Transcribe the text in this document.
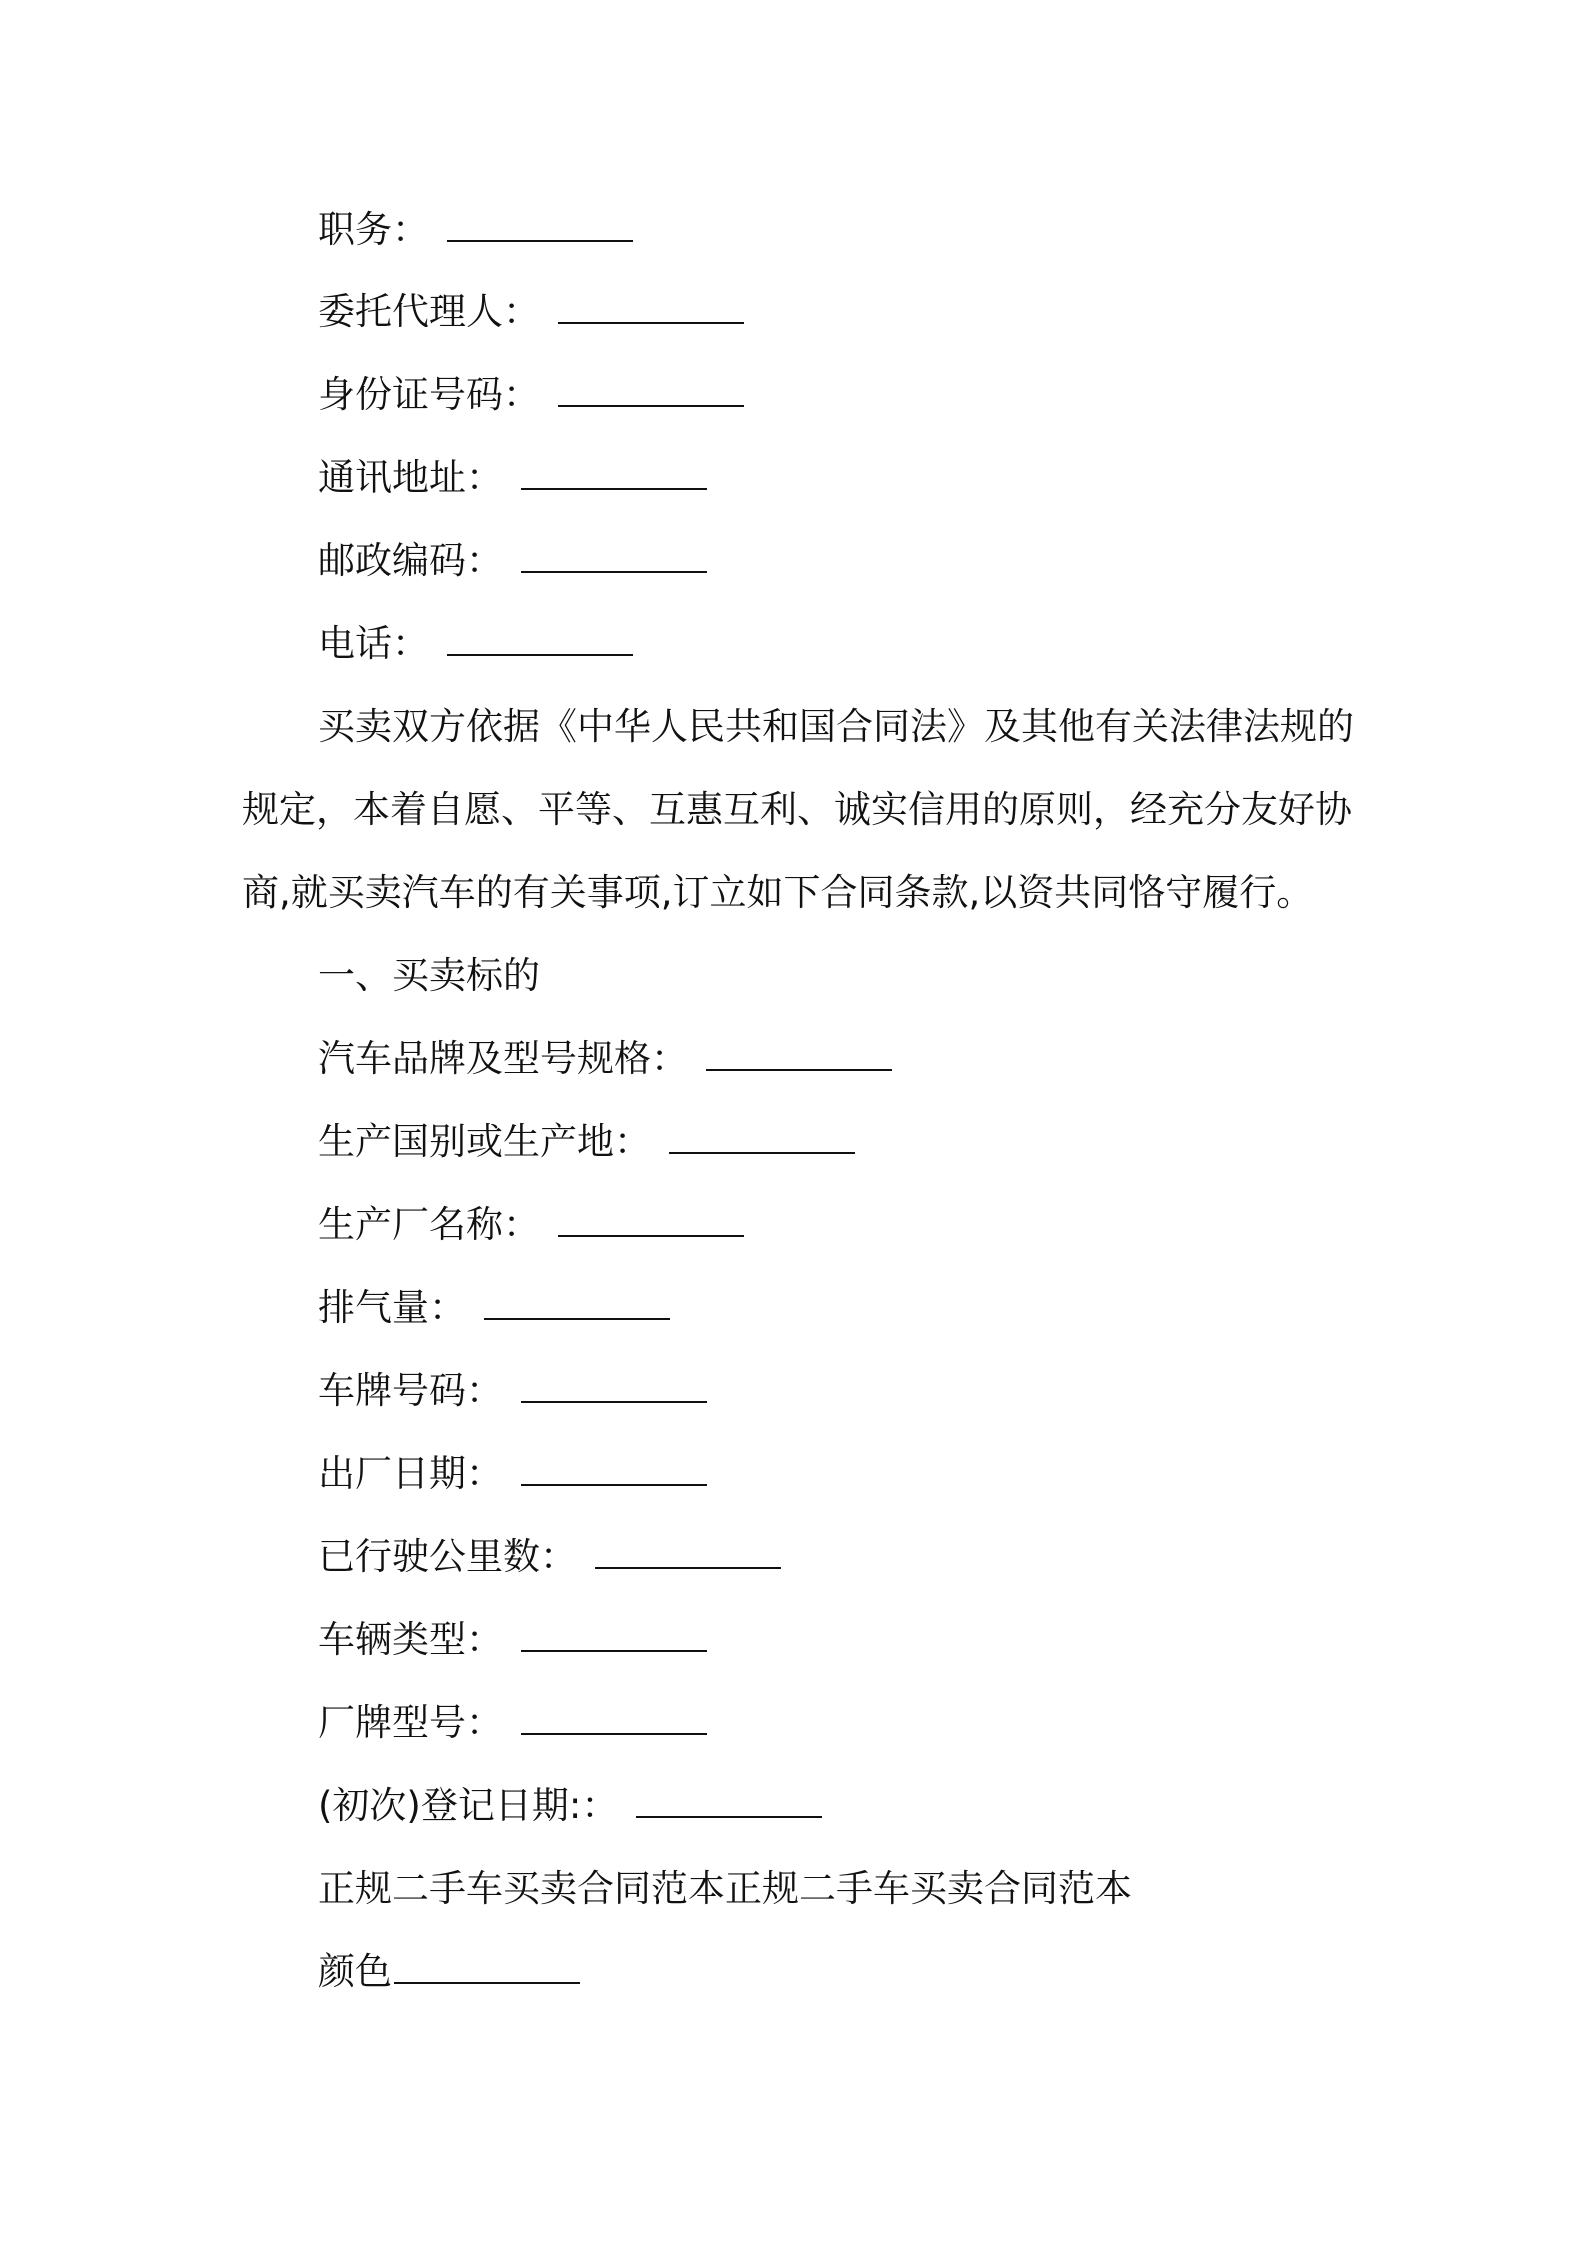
职务：
委托代理人：
身份证号码：
通讯地址：
邮政编码：
电话：
买卖双方依据《中华人民共和国合同法》及其他有关法律法规的
规定，本着自愿、平等、互惠互利、诚实信用的原则，经充分友好协
商,就买卖汽车的有关事项,订立如下合同条款,以资共同恪守履行。
一、买卖标的
汽车品牌及型号规格：
生产国别或生产地：
生产厂名称：
排气量：
车牌号码：
出厂日期：
已行驶公里数：
车辆类型：
厂牌型号：
(初次)登记日期:：
正规二手车买卖合同范本正规二手车买卖合同范本
颜色
